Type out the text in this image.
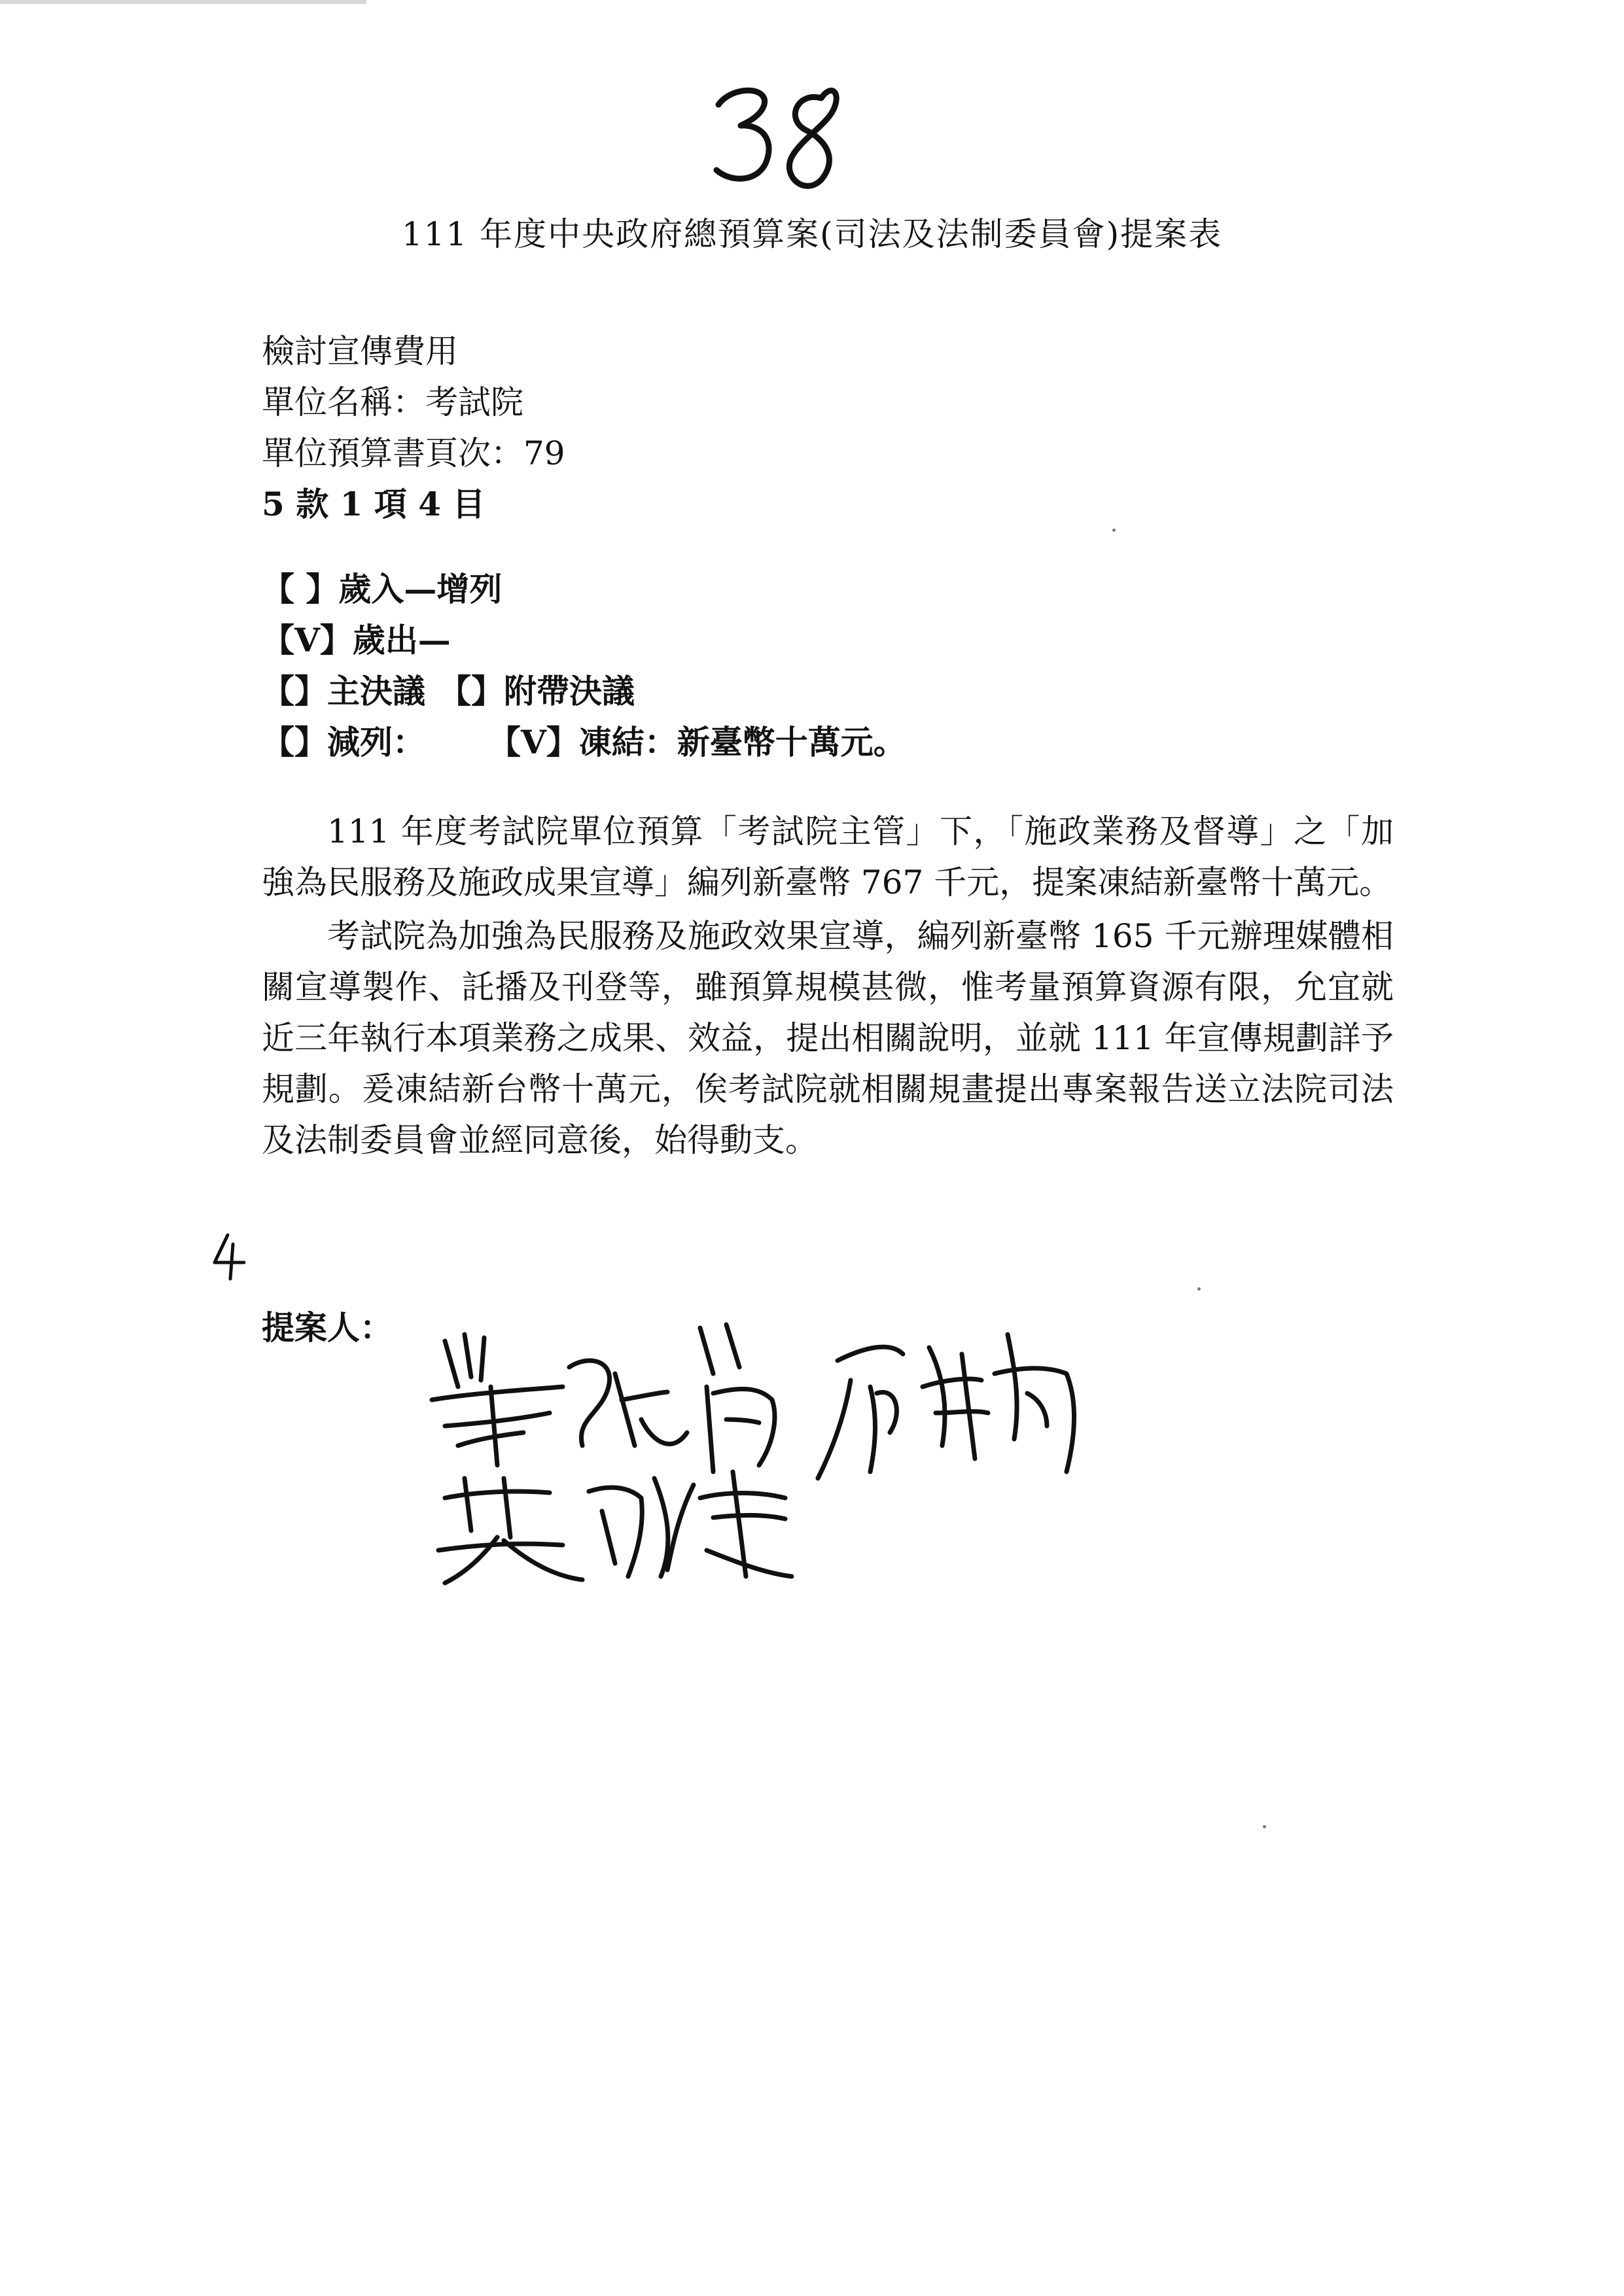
111 年度中央政府總預算案(司法及法制委員會)提案表
檢討宣傳費用
單位名稱：考試院
單位預算書頁次：79
5 款 1 項 4 目
【 】歲入—增列
【V】歲出—
【】主決議 【】附帶決議
【】減列： 【V】凍結：新臺幣十萬元。

111 年度考試院單位預算「考試院主管」下，「施政業務及督導」之「加強為民服務及施政成果宣導」編列新臺幣 767 千元，提案凍結新臺幣十萬元。

考試院為加強為民服務及施政效果宣導，編列新臺幣 165 千元辦理媒體相關宣導製作、託播及刊登等，雖預算規模甚微，惟考量預算資源有限，允宜就近三年執行本項業務之成果、效益，提出相關說明，並就 111 年宣傳規劃詳予規劃。爰凍結新台幣十萬元，俟考試院就相關規畫提出專案報告送立法院司法及法制委員會並經同意後，始得動支。

提案人：
